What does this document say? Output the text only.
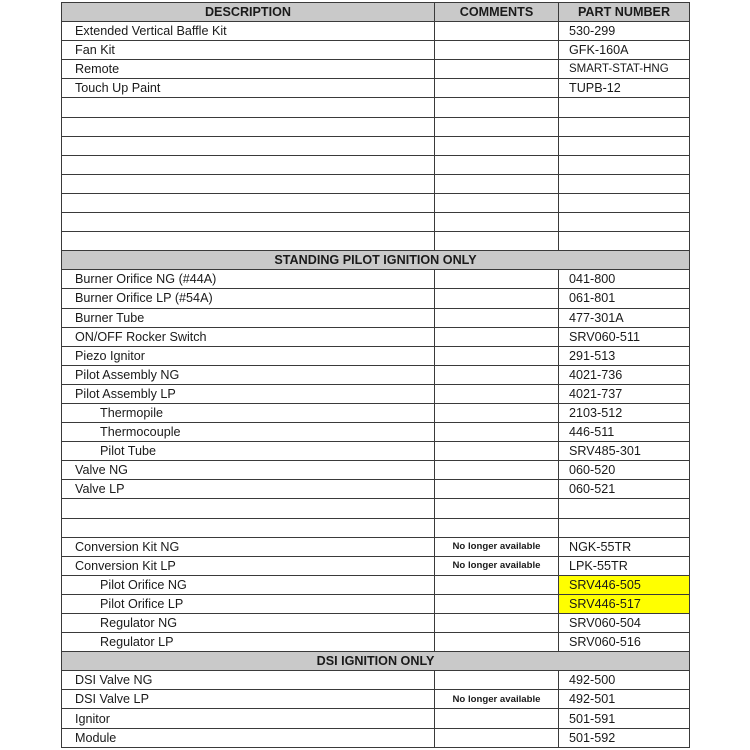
DESCRIPTION	COMMENTS	PART NUMBER
Extended Vertical Baffle Kit		530-299
Fan Kit		GFK-160A
Remote		SMART-STAT-HNG
Touch Up Paint		TUPB-12

STANDING PILOT IGNITION ONLY		
Burner Orifice NG (#44A)		041-800
Burner Orifice LP (#54A)		061-801
Burner Tube		477-301A
ON/OFF Rocker Switch		SRV060-511
Piezo Ignitor		291-513
Pilot Assembly NG		4021-736
Pilot Assembly LP		4021-737
Thermopile		2103-512
Thermocouple		446-511
Pilot Tube		SRV485-301
Valve NG		060-520
Valve LP		060-521

Conversion Kit NG	No longer available	NGK-55TR
Conversion Kit LP	No longer available	LPK-55TR
Pilot Orifice NG		SRV446-505
Pilot Orifice LP		SRV446-517
Regulator NG		SRV060-504
Regulator LP		SRV060-516
DSI IGNITION ONLY		
DSI Valve NG		492-500
DSI Valve LP	No longer available	492-501
Ignitor		501-591
Module		501-592
